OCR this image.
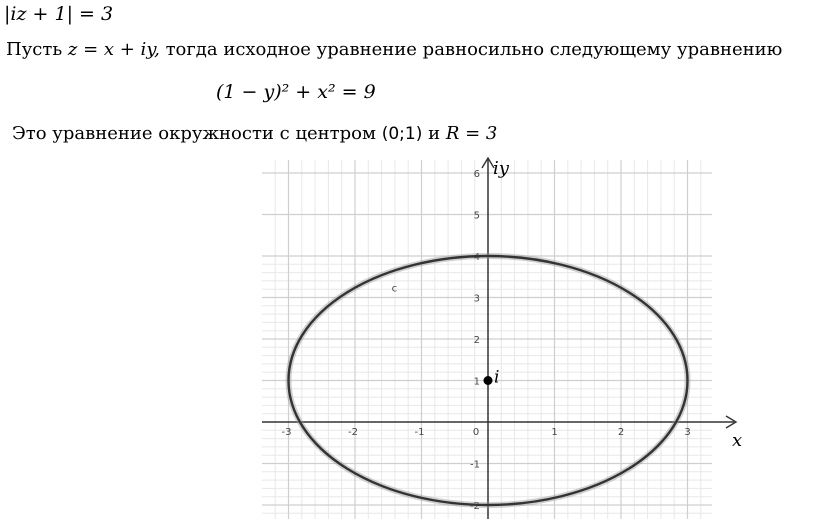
|iz + 1| = 3
Пусть z = x + iy, тогда исходное уравнение равносильно следующему уравнению
(1 − y)² + x² = 9
Это уравнение окружности с центром (0;1) и R = 3
x
iy
-3	-2	-1	0	1	2	3
-2
-1
1
2
3
4
5
6
c
i
